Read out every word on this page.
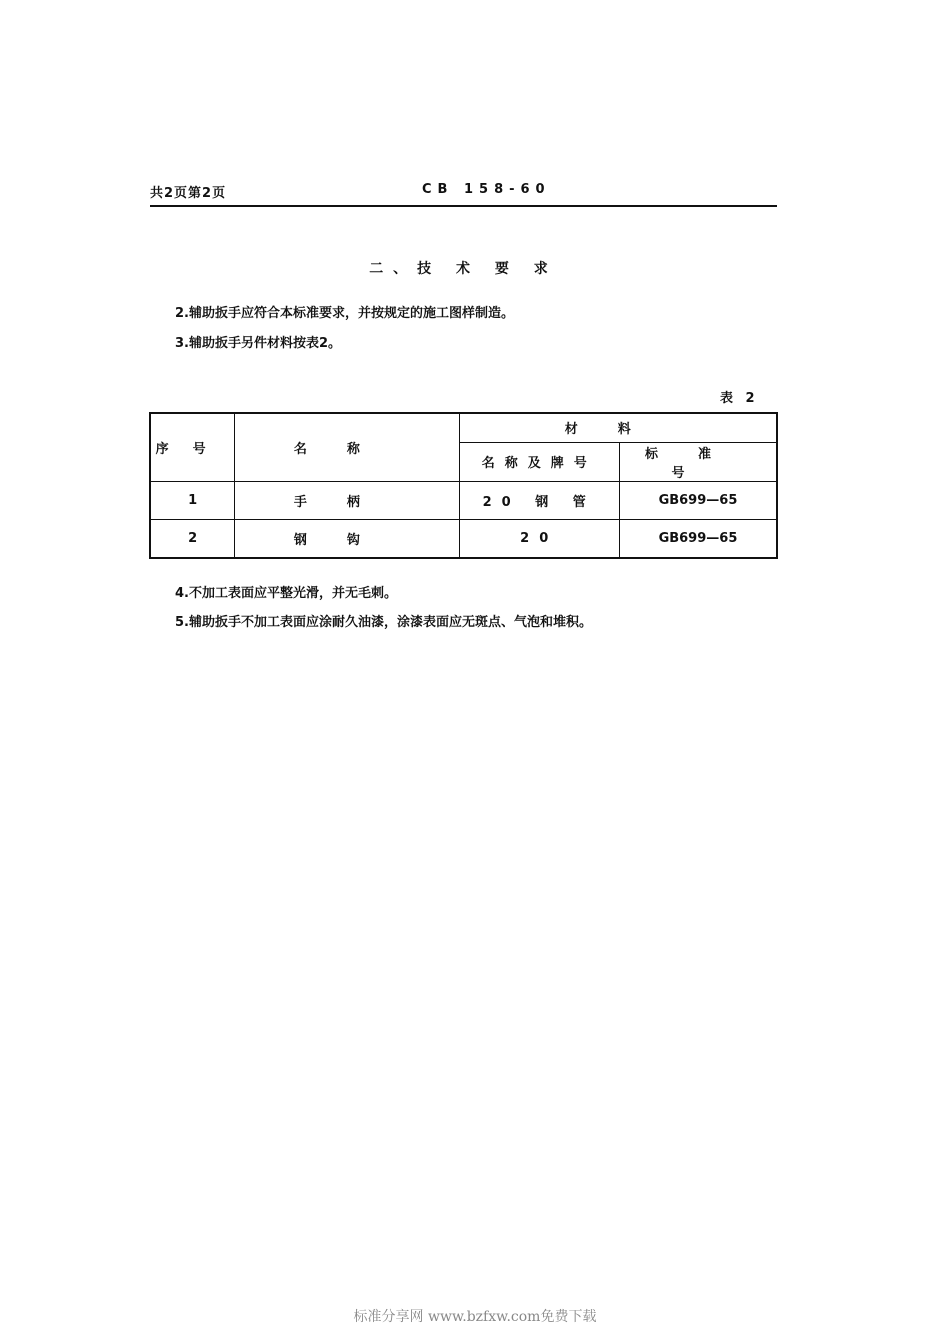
共2页第2页	CB 158-60
二、技 术 要 求
2.辅助扳手应符合本标准要求，并按规定的施工图样制造。
3.辅助扳手另件材料按表2。
表 2
序号	名称	材料	
		名称及牌号	标准号
1	手柄	20 钢 管	GB699—65
2	钢钩	20	GB699—65
4.不加工表面应平整光滑，并无毛刺。
5.辅助扳手不加工表面应涂耐久油漆，涂漆表面应无斑点、气泡和堆积。
标准分享网 www.bzfxw.com免费下载
